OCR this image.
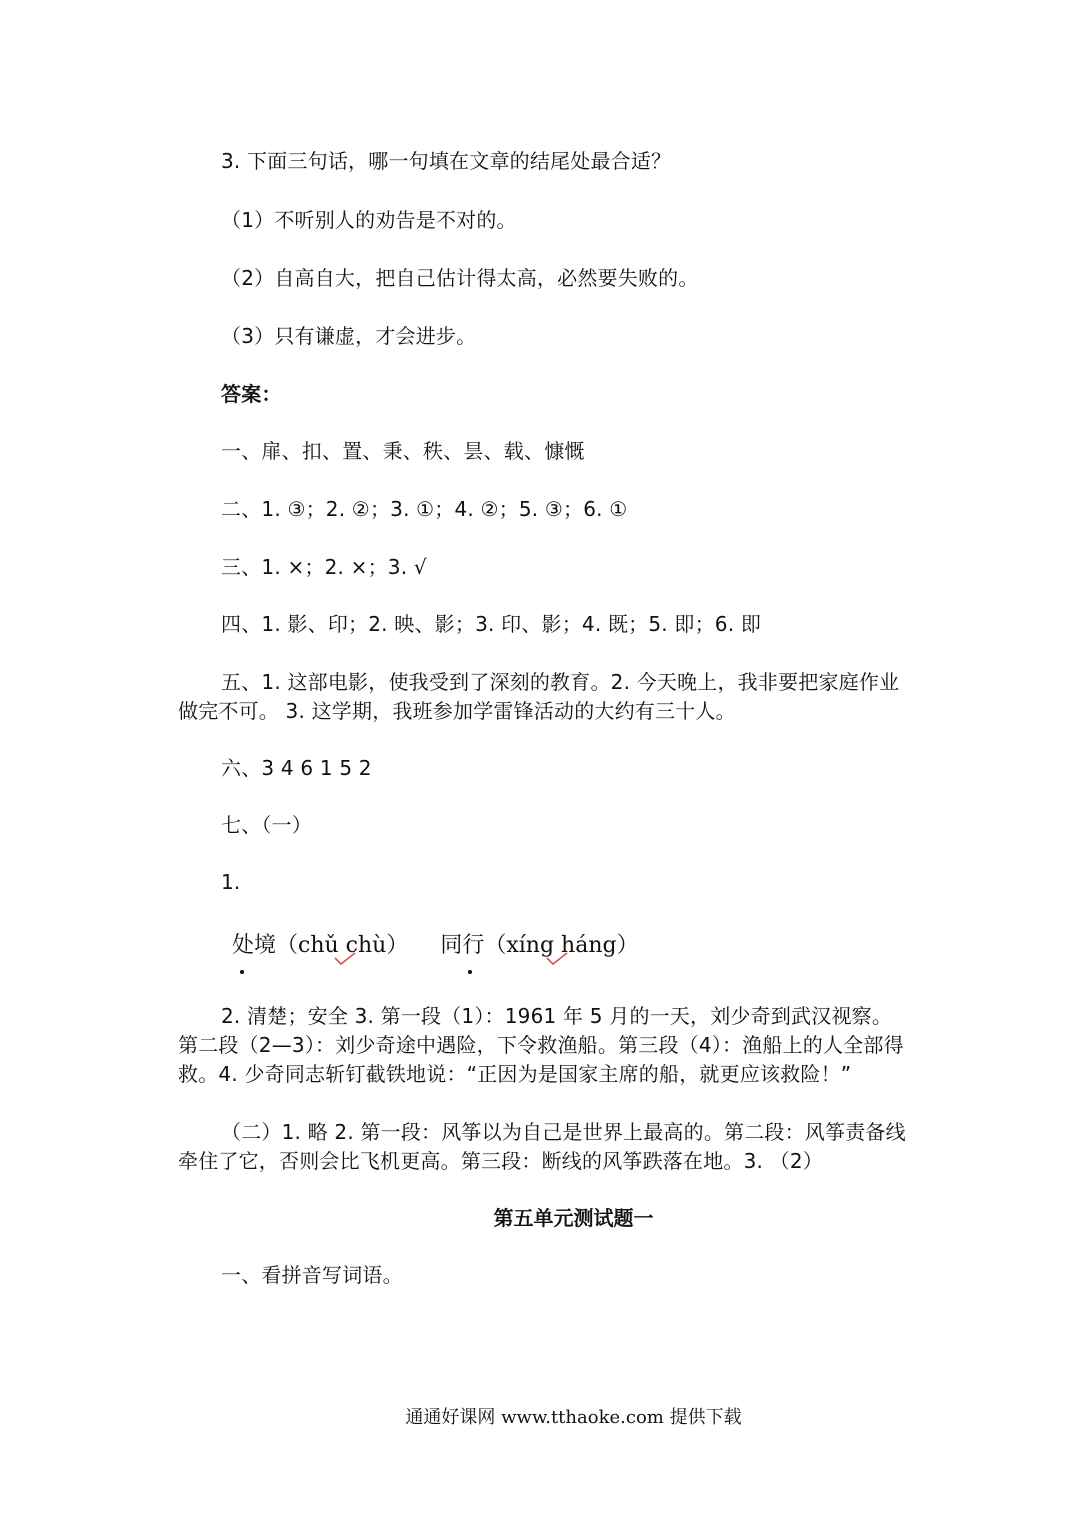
3. 下面三句话，哪一句填在文章的结尾处最合适？
（1）不听别人的劝告是不对的。
（2）自高自大，把自己估计得太高，必然要失败的。
（3）只有谦虚，才会进步。
答案：
一、扉、扣、置、秉、秩、昙、载、慷慨
二、1. ③；2. ②；3. ①；4. ②；5. ③；6. ①
三、1. ×；2. ×；3. √
四、1. 影、印；2. 映、影；3. 印、影；4. 既；5. 即；6. 即
五、1. 这部电影，使我受到了深刻的教育。2. 今天晚上，我非要把家庭作业
做完不可。 3. 这学期，我班参加学雷锋活动的大约有三十人。
六、3 4 6 1 5 2
七、（一）
1.
处境
（chǔ chù） 同行
（xíng háng）
2. 清楚；安全 3. 第一段（1）：1961 年 5 月的一天，刘少奇到武汉视察。
第二段（2—3）：刘少奇途中遇险，下令救渔船。第三段（4）：渔船上的人全部得
救。4. 少奇同志斩钉截铁地说：“正因为是国家主席的船，就更应该救险！”
（二）1. 略 2. 第一段：风筝以为自己是世界上最高的。第二段：风筝责备线
牵住了它，否则会比飞机更高。第三段：断线的风筝跌落在地。3. （2）
第五单元测试题一
一、看拼音写词语。
通通好课网 www.tthaoke.com 提供下载
